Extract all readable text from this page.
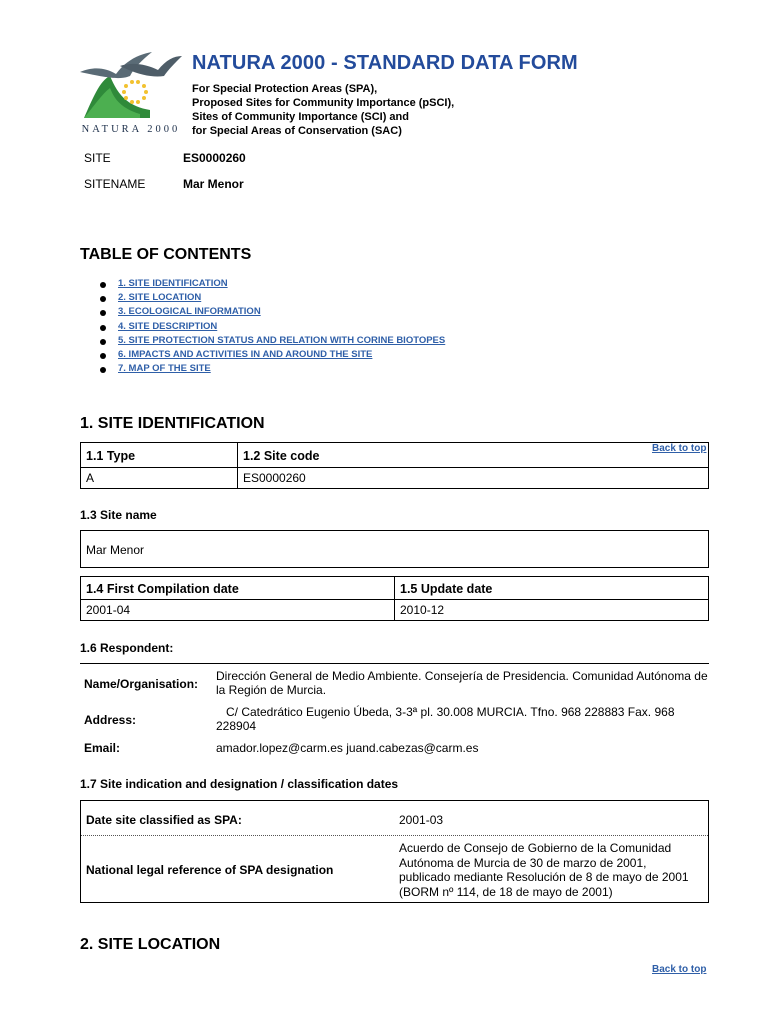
NATURA 2000
NATURA 2000 - STANDARD DATA FORM
For Special Protection Areas (SPA),
Proposed Sites for Community Importance (pSCI),
Sites of Community Importance (SCI) and
for Special Areas of Conservation (SAC)
SITE	ES0000260
SITENAME	Mar Menor
TABLE OF CONTENTS
1. SITE IDENTIFICATION
2. SITE LOCATION
3. ECOLOGICAL INFORMATION
4. SITE DESCRIPTION
5. SITE PROTECTION STATUS AND RELATION WITH CORINE BIOTOPES
6. IMPACTS AND ACTIVITIES IN AND AROUND THE SITE
7. MAP OF THE SITE
1. SITE IDENTIFICATION
Back to top
1.1 Type	1.2 Site code
A	ES0000260
1.3 Site name
Mar Menor
1.4 First Compilation date	1.5 Update date
2001-04	2010-12
1.6 Respondent:
Name/Organisation:
Dirección General de Medio Ambiente. Consejería de Presidencia. Comunidad Autónoma de la Región de Murcia.
Address:
C/ Catedrático Eugenio Úbeda, 3-3ª pl. 30.008 MURCIA. Tfno. 968 228883 Fax. 968 228904
Email:	amador.lopez@carm.es juand.cabezas@carm.es
1.7 Site indication and designation / classification dates
Date site classified as SPA:	2001-03
National legal reference of SPA designation
Acuerdo de Consejo de Gobierno de la Comunidad Autónoma de Murcia de 30 de marzo de 2001, publicado mediante Resolución de 8 de mayo de 2001 (BORM nº 114, de 18 de mayo de 2001)
2. SITE LOCATION
Back to top
